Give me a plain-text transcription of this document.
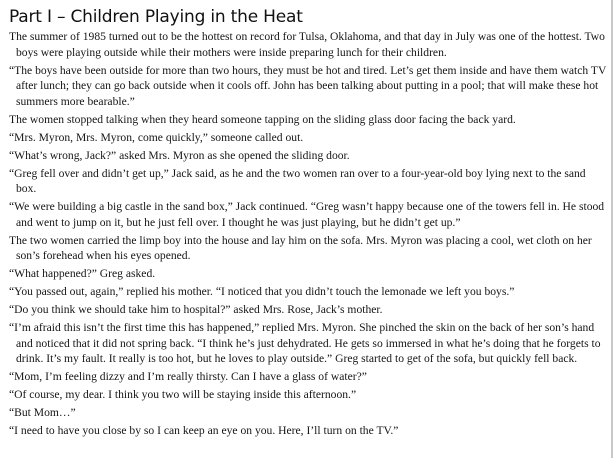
Part I – Children Playing in the Heat

The summer of 1985 turned out to be the hottest on record for Tulsa, Oklahoma, and that day in July was one of the hottest. Two boys were playing outside while their mothers were inside preparing lunch for their children.

“The boys have been outside for more than two hours, they must be hot and tired. Let’s get them inside and have them watch TV after lunch; they can go back outside when it cools off. John has been talking about putting in a pool; that will make these hot summers more bearable.”

The women stopped talking when they heard someone tapping on the sliding glass door facing the back yard.

“Mrs. Myron, Mrs. Myron, come quickly,” someone called out.

“What’s wrong, Jack?” asked Mrs. Myron as she opened the sliding door.

“Greg fell over and didn’t get up,” Jack said, as he and the two women ran over to a four-year-old boy lying next to the sand box.

“We were building a big castle in the sand box,” Jack continued. “Greg wasn’t happy because one of the towers fell in. He stood and went to jump on it, but he just fell over. I thought he was just playing, but he didn’t get up.”

The two women carried the limp boy into the house and lay him on the sofa. Mrs. Myron was placing a cool, wet cloth on her son’s forehead when his eyes opened.

“What happened?” Greg asked.

“You passed out, again,” replied his mother. “I noticed that you didn’t touch the lemonade we left you boys.”

“Do you think we should take him to hospital?” asked Mrs. Rose, Jack’s mother.

“I’m afraid this isn’t the first time this has happened,” replied Mrs. Myron. She pinched the skin on the back of her son’s hand and noticed that it did not spring back. “I think he’s just dehydrated. He gets so immersed in what he’s doing that he forgets to drink. It’s my fault. It really is too hot, but he loves to play outside.” Greg started to get of the sofa, but quickly fell back.

“Mom, I’m feeling dizzy and I’m really thirsty. Can I have a glass of water?”

“Of course, my dear. I think you two will be staying inside this afternoon.”

“But Mom…”

“I need to have you close by so I can keep an eye on you. Here, I’ll turn on the TV.”
